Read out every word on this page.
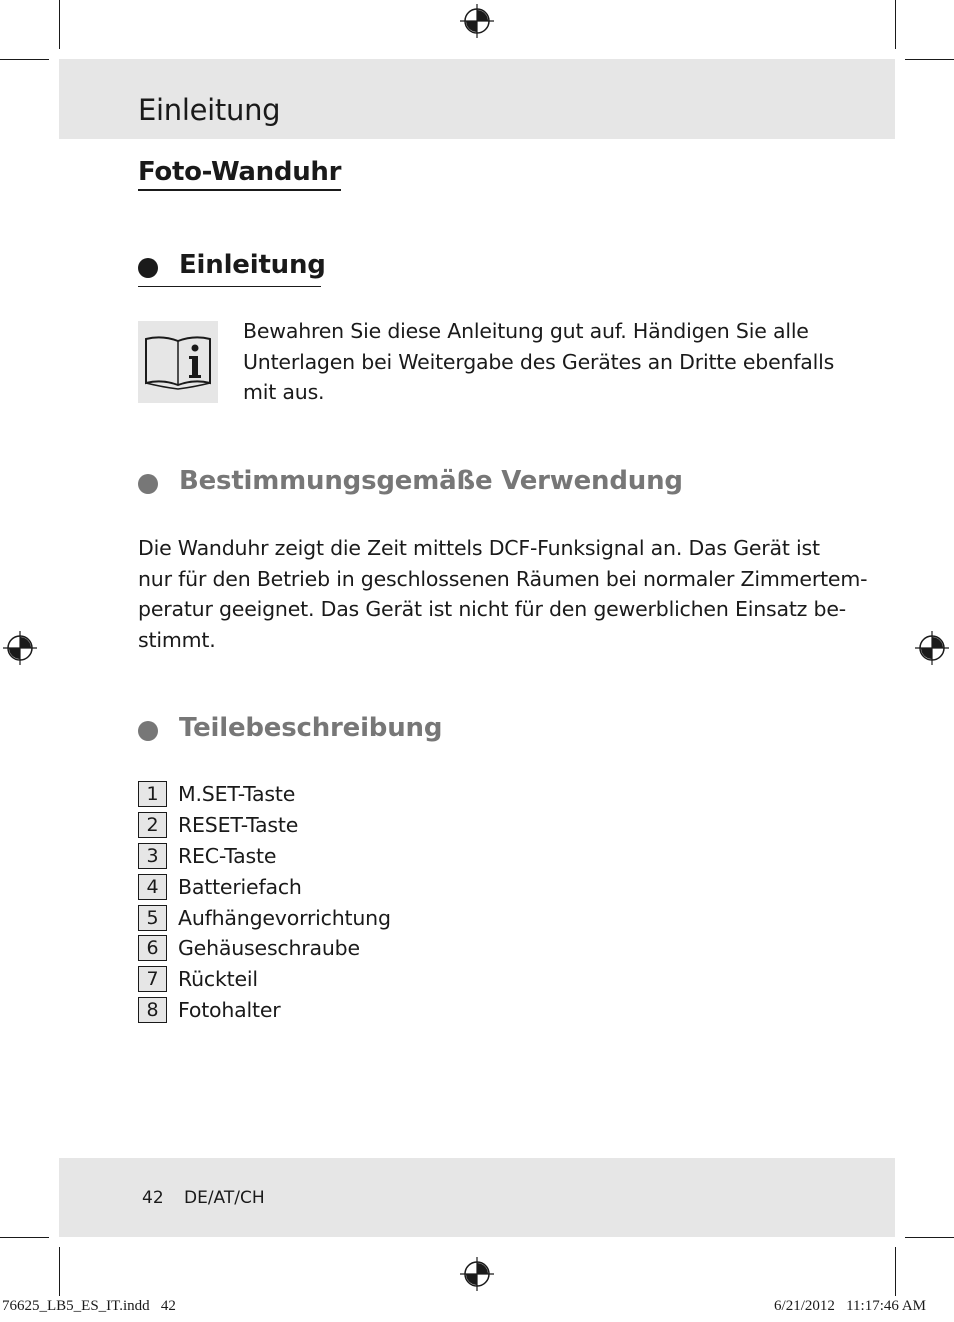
Einleitung
Foto-Wanduhr
Einleitung
Bewahren Sie diese Anleitung gut auf. Händigen Sie alle
Unterlagen bei Weitergabe des Gerätes an Dritte ebenfalls
mit aus.
Bestimmungsgemäße Verwendung
Die Wanduhr zeigt die Zeit mittels DCF-Funksignal an. Das Gerät ist
nur für den Betrieb in geschlossenen Räumen bei normaler Zimmertem-
peratur geeignet. Das Gerät ist nicht für den gewerblichen Einsatz be-
stimmt.
Teilebeschreibung
1 M.SET-Taste
2 RESET-Taste
3 REC-Taste
4 Batteriefach
5 Aufhängevorrichtung
6 Gehäuseschraube
7 Rückteil
8 Fotohalter
42 DE/AT/CH
76625_LB5_ES_IT.indd   42	6/21/2012   11:17:46 AM
